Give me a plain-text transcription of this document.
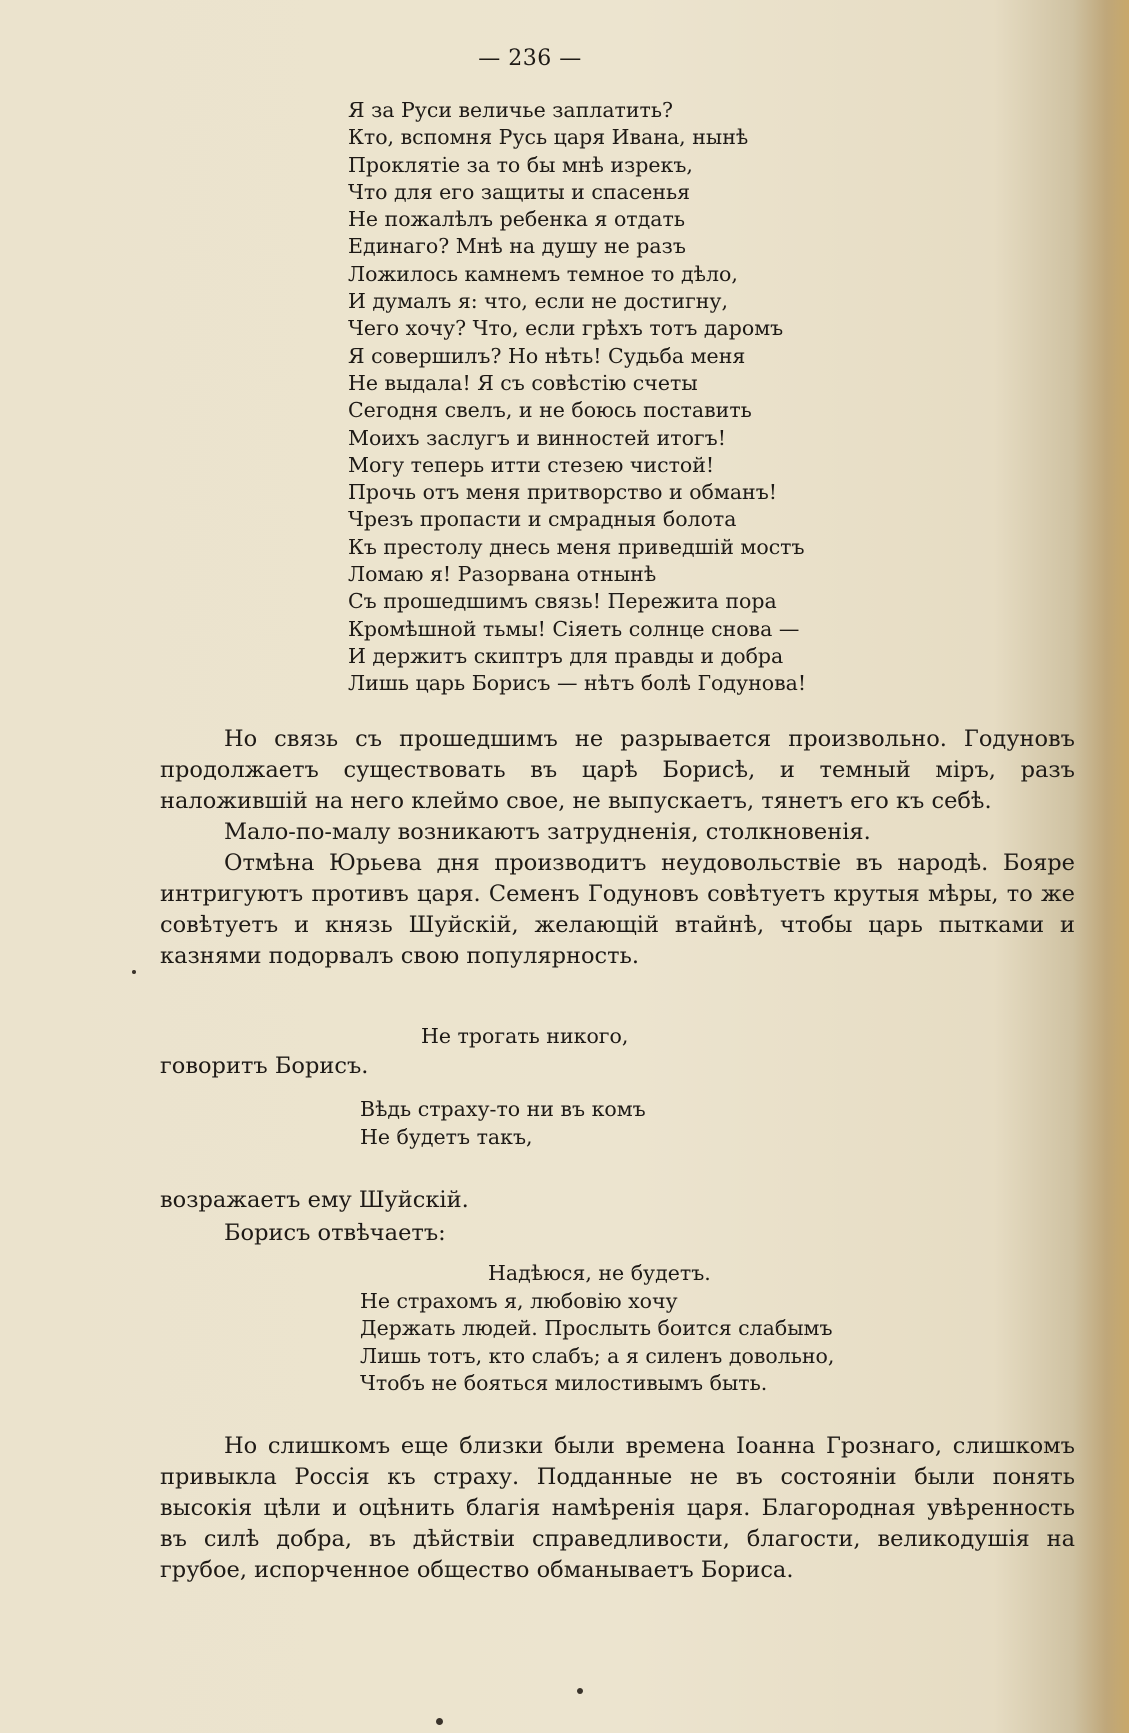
— 236 —
Я за Руси величье заплатить?
Кто, вспомня Русь царя Ивана, нынѣ
Проклятіе за то бы мнѣ изрекъ,
Что для его защиты и спасенья
Не пожалѣлъ ребенка я отдать
Единаго? Мнѣ на душу не разъ
Ложилось камнемъ темное то дѣло,
И думалъ я: что, если не достигну,
Чего хочу? Что, если грѣхъ тотъ даромъ
Я совершилъ? Но нѣть! Судьба меня
Не выдала! Я съ совѣстію счеты
Сегодня свелъ, и не боюсь поставить
Моихъ заслугъ и винностей итогъ!
Могу теперь итти стезею чистой!
Прочь отъ меня притворство и обманъ!
Чрезъ пропасти и смрадныя болота
Къ престолу днесь меня приведшій мостъ
Ломаю я! Разорвана отнынѣ
Съ прошедшимъ связь! Пережита пора
Кромѣшной тьмы! Сіяеть солнце снова —
И держитъ скиптръ для правды и добра
Лишь царь Борисъ — нѣтъ болѣ Годунова!

Но связь съ прошедшимъ не разрывается произвольно. Годуновъ продолжаетъ существовать въ царѣ Борисѣ, и темный міръ, разъ наложившій на него клеймо свое, не выпускаетъ, тянетъ его къ себѣ.

Мало-по-малу возникаютъ затрудненія, столкновенія.

Отмѣна Юрьева дня производитъ неудовольствіе въ народѣ. Бояре интригуютъ противъ царя. Семенъ Годуновъ совѣтуетъ крутыя мѣры, то же совѣтуетъ и князь Шуйскій, желающій втайнѣ, чтобы царь пытками и казнями подорвалъ свою популярность.

Не трогать никого,
говоритъ Борисъ.
Вѣдь страху-то ни въ комъ
Не будетъ такъ,
возражаетъ ему Шуйскій.
Борисъ отвѣчаетъ:
Надѣюся, не будетъ.
Не страхомъ я, любовію хочу
Держать людей. Прослыть боится слабымъ
Лишь тотъ, кто слабъ; а я силенъ довольно,
Чтобъ не бояться милостивымъ быть.

Но слишкомъ еще близки были времена Іоанна Грознаго, слишкомъ привыкла Россія къ страху. Подданные не въ состояніи были понять высокія цѣли и оцѣнить благія намѣренія царя. Благородная увѣренность въ силѣ добра, въ дѣйствіи справедливости, благости, великодушія на грубое, испорченное общество обманываетъ Бориса.
